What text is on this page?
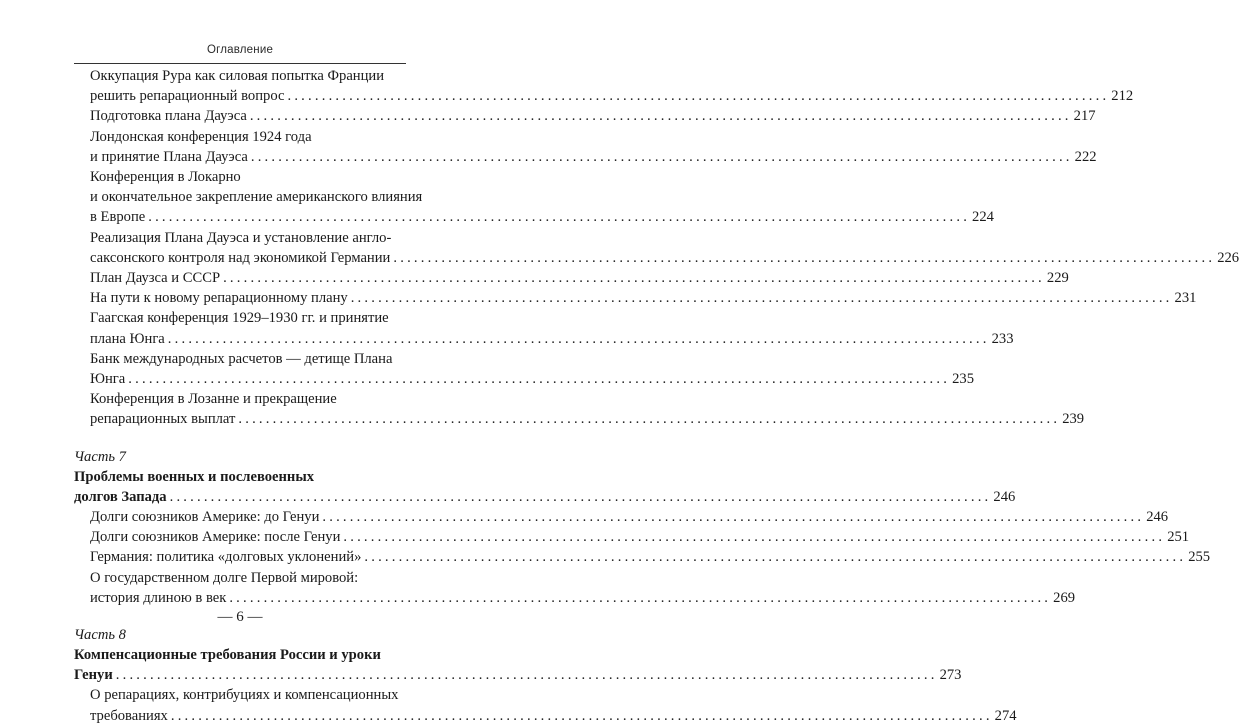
Оглавление
Оккупация Рура как силовая попытка Франции
решить репарационный вопрос ........................................................................................................................ 212
Подготовка плана Дауэса ........................................................................................................................ 217
Лондонская конференция 1924 года
и принятие Плана Дауэса ........................................................................................................................ 222
Конференция в Локарно
и окончательное закрепление американского влияния
в Европе ........................................................................................................................ 224
Реализация Плана Дауэса и установление англо-
саксонского контроля над экономикой Германии ........................................................................................................................ 226
План Даузса и СССР ........................................................................................................................ 229
На пути к новому репарационному плану ........................................................................................................................ 231
Гаагская конференция 1929–1930 гг. и принятие
плана Юнга ........................................................................................................................ 233
Банк международных расчетов — детище Плана
Юнга ........................................................................................................................ 235
Конференция в Лозанне и прекращение
репарационных выплат ........................................................................................................................ 239
Часть 7
Проблемы военных и послевоенных
долгов Запада ........................................................................................................................ 246
Долги союзников Америке: до Генуи ........................................................................................................................ 246
Долги союзников Америке: после Генуи ........................................................................................................................ 251
Германия: политика «долговых уклонений» ........................................................................................................................ 255
О государственном долге Первой мировой:
история длиною в век ........................................................................................................................ 269
Часть 8
Компенсационные требования России и уроки
Генуи ........................................................................................................................ 273
О репарациях, контрибуциях и компенсационных
требованиях ........................................................................................................................ 274
— 6 —
